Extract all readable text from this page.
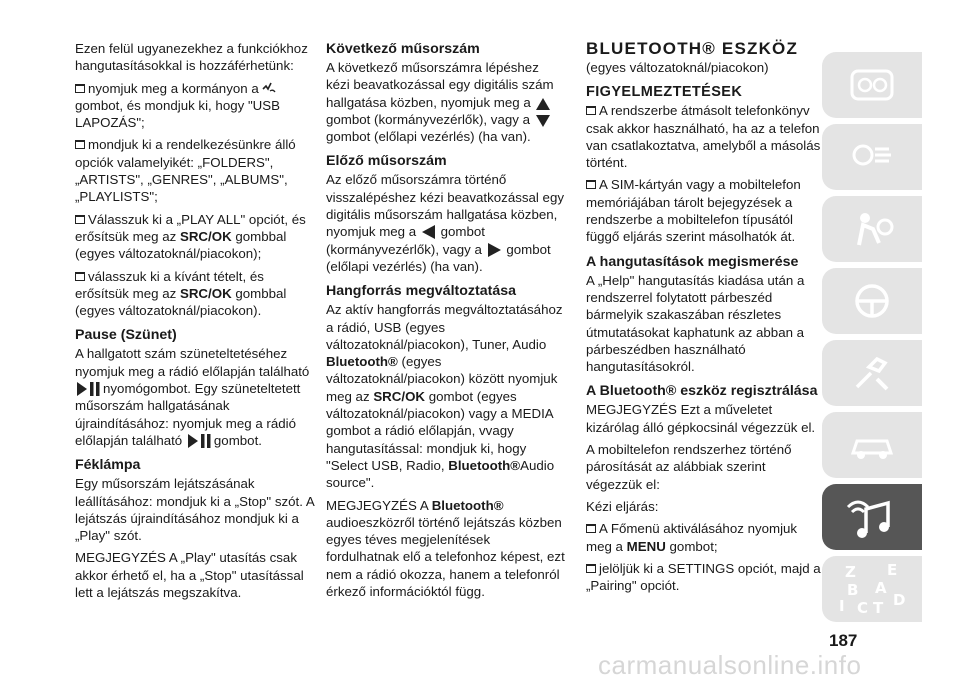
Ezen felül ugyanezekhez a funkciókhoz hangutasításokkal is hozzáférhetünk:

nyomjuk meg a kormányon agombot, és mondjuk ki, hogy "USB LAPOZÁS";

mondjuk ki a rendelkezésünkre álló opciók valamelyikét: „FOLDERS", „ARTISTS", „GENRES", „ALBUMS", „PLAYLISTS";

Válasszuk ki a „PLAY ALL" opciót, és erősítsük meg az SRC/OK gombbal (egyes változatoknál/piacokon);

válasszuk ki a kívánt tételt, és erősítsük meg az SRC/OK gombbal (egyes változatoknál/piacokon).

Pause (Szünet)

A hallgatott szám szüneteltetéséhez nyomjuk meg a rádió előlapján található nyomógombot. Egy szüneteltetett műsorszám hallgatásának újraindításához: nyomjuk meg a rádió előlapján található gombot.

Féklámpa

Egy műsorszám lejátszásának leállításához: mondjuk ki a „Stop" szót. A lejátszás újraindításához mondjuk ki a „Play" szót.

MEGJEGYZÉS A „Play" utasítás csak akkor érhető el, ha a „Stop" utasítással lett a lejátszás megszakítva.

Következő műsorszám

A következő műsorszámra lépéshez kézi beavatkozással egy digitális szám hallgatása közben, nyomjuk meg a  gombot (kormányvezérlők), vagy a  gombot (előlapi vezérlés) (ha van).

Előző műsorszám

Az előző műsorszámra történő visszalépéshez kézi beavatkozással egy digitális műsorszám hallgatása közben, nyomjuk meg a gombot (kormányvezérlők), vagy a gombot (előlapi vezérlés) (ha van).

Hangforrás megváltoztatása

Az aktív hangforrás megváltoztatásához a rádió, USB (egyes változatoknál/piacokon), Tuner, Audio Bluetooth® (egyes változatoknál/piacokon) között nyomjuk meg az SRC/OK gombot (egyes változatoknál/piacokon) vagy a MEDIA gombot a rádió előlapján, vvagy hangutasítással: mondjuk ki, hogy "Select USB, Radio, Bluetooth®Audio source".

MEGJEGYZÉS A Bluetooth® audioeszközről történő lejátszás közben egyes téves megjelenítések fordulhatnak elő a telefonhoz képest, ezt nem a rádió okozza, hanem a telefonról érkező információktól függ.

BLUETOOTH® ESZKÖZ

(egyes változatoknál/piacokon)

FIGYELMEZTETÉSEK

A rendszerbe átmásolt telefonkönyv csak akkor használható, ha az a telefon van csatlakoztatva, amelyből a másolás történt.

A SIM-kártyán vagy a mobiltelefon memóriájában tárolt bejegyzések a rendszerbe a mobiltelefon típusától függő eljárás szerint másolhatók át.

A hangutasítások megismerése

A „Help" hangutasítás kiadása után a rendszerrel folytatott párbeszéd bármelyik szakaszában részletes útmutatásokat kaphatunk az abban a párbeszédben használható hangutasításokról.

A Bluetooth® eszköz regisztrálása

MEGJEGYZÉS Ezt a műveletet kizárólag álló gépkocsinál végezzük el.

A mobiltelefon rendszerhez történő párosítását az alábbiak szerint végezzük el:

Kézi eljárás:

A Főmenü aktiválásához nyomjuk meg a MENU gombot;

jelöljük ki a SETTINGS opciót, majd a „Pairing" opciót.

Z E
B A
I	D
C T
187
carmanualsonline.info
